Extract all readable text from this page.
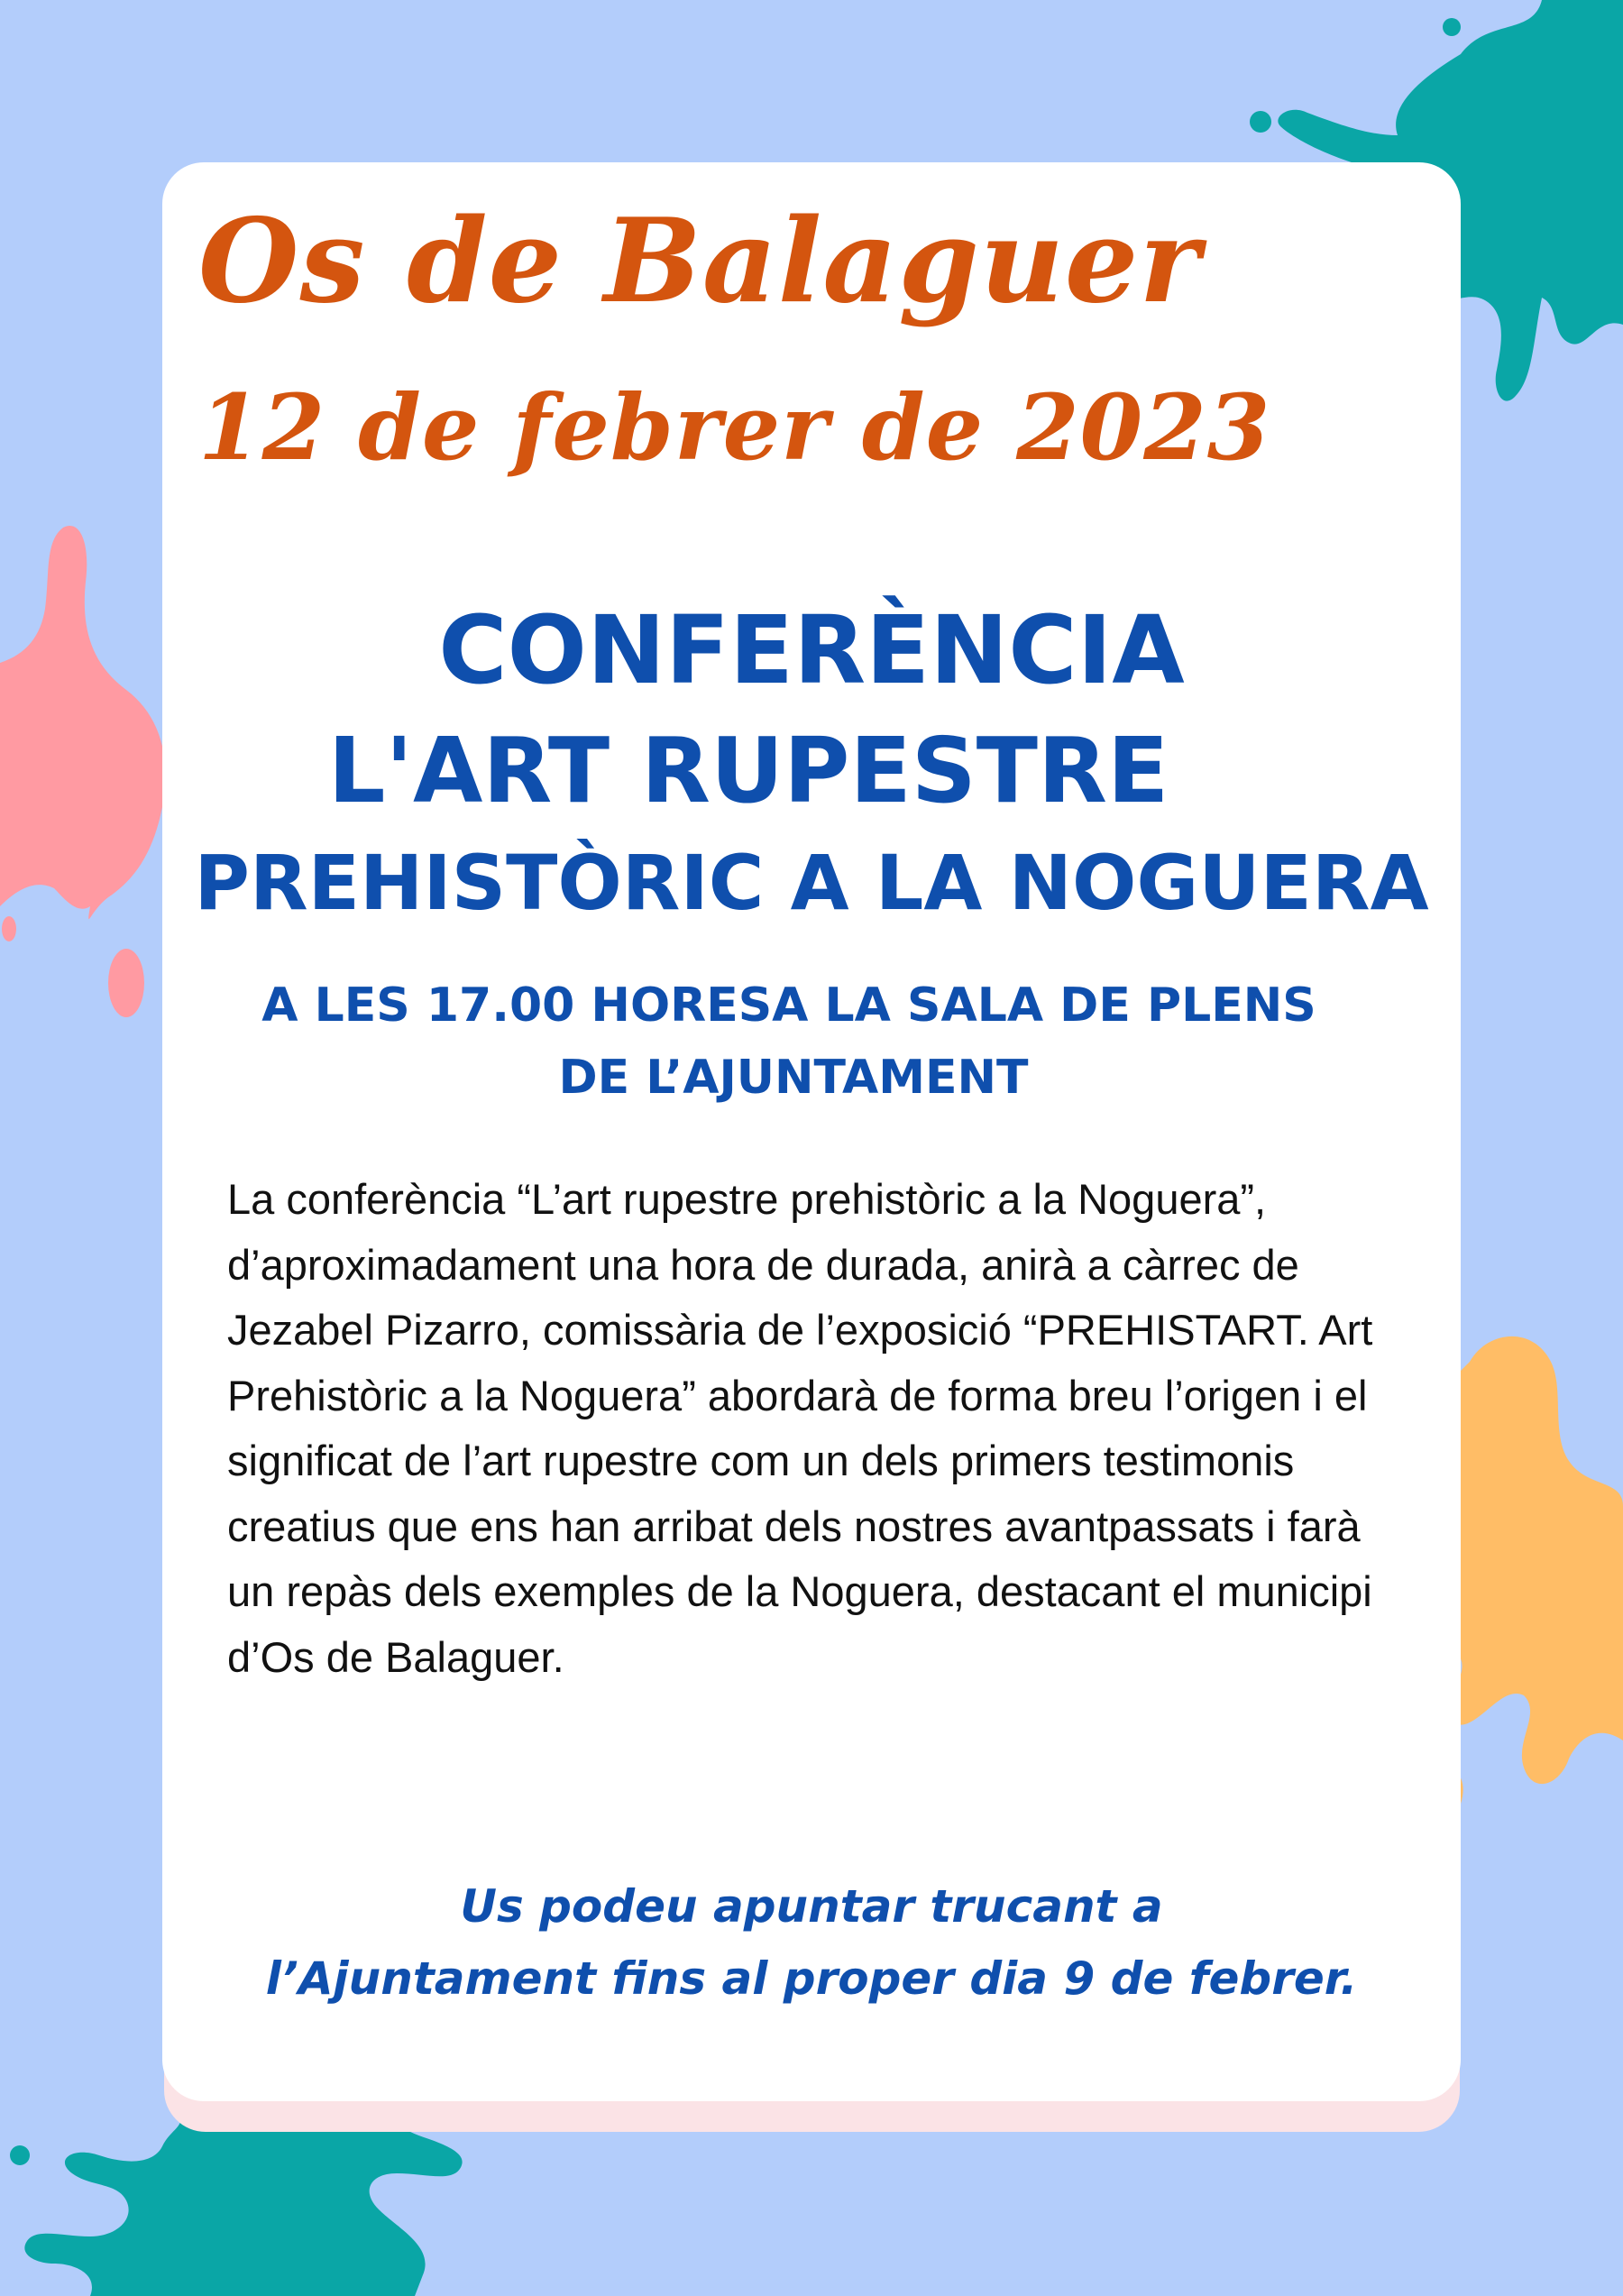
Os de Balaguer
12 de febrer de 2023
CONFERÈNCIA
L'ART RUPESTRE
PREHISTÒRIC A LA NOGUERA
A LES 17.00 HORESA LA SALA DE PLENS
DE L’AJUNTAMENT

La conferència “L’art rupestre prehistòric a la Noguera”, d’aproximadament una hora de durada, anirà a càrrec de Jezabel Pizarro, comissària de l’exposició “PREHISTART. Art Prehistòric a la Noguera” abordarà de forma breu l’origen i el significat de l’art rupestre com un dels primers testimonis creatius que ens han arribat dels nostres avantpassats i farà un repàs dels exemples de la Noguera, destacant el municipi d’Os de Balaguer.

Us podeu apuntar trucant a
l’Ajuntament fins al proper dia 9 de febrer.
